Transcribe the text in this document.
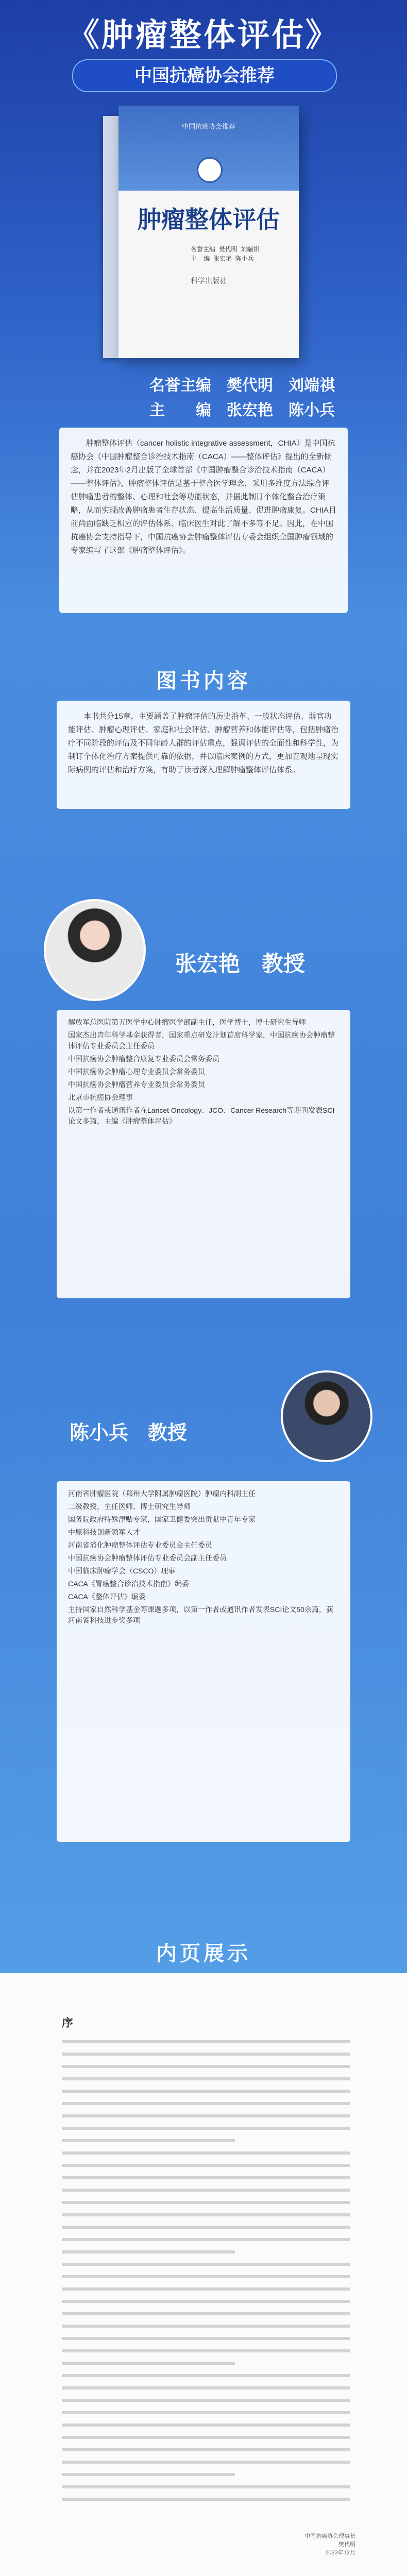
《肿瘤整体评估》
中国抗癌协会推荐
中国抗癌协会推荐
肿瘤整体评估
名誉主编  樊代明  刘端祺
主    编  张宏艳  陈小兵
科学出版社
名誉主编　樊代明　刘端祺
主　　编　张宏艳　陈小兵
肿瘤整体评估（cancer holistic integrative assessment，CHIA）是中国抗癌协会《中国肿瘤整合诊治技术指南（CACA）——整体评估》提出的全新概念，并在2023年2月出版了全球首部《中国肿瘤整合诊治技术指南（CACA）——整体评估》，肿瘤整体评估是基于整合医学理念，采用多维度方法综合评估肿瘤患者的整体、心理和社会等功能状态，并据此制订个体化整合治疗策略，从而实现改善肿瘤患者生存状态、提高生活质量、促进肿瘤康复。CHIA目前尚面临缺乏相应的评估体系、临床医生对此了解不多等不足。因此，在中国抗癌协会支持指导下，中国抗癌协会肿瘤整体评估专委会组织全国肿瘤领域的专家编写了这部《肿瘤整体评估》。
图书内容
本书共分15章，主要涵盖了肿瘤评估的历史沿革、一般状态评估、器官功能评估、肿瘤心理评估、家庭和社会评估、肿瘤营养和体能评估等，包括肿瘤治疗不同阶段的评估及不同年龄人群的评估重点，强调评估的全面性和科学性，为制订个体化治疗方案提供可靠的依据，并以临床案例的方式，更加直观地呈现实际病例的评估和治疗方案，有助于读者深入理解肿瘤整体评估体系。
张宏艳　教授
解放军总医院第五医学中心肿瘤医学部副主任，医学博士，博士研究生导师
国家杰出青年科学基金获得者，国家重点研发计划首席科学家，中国抗癌协会肿瘤整体评估专业委员会主任委员
中国抗癌协会肿瘤整合康复专业委员会常务委员
中国抗癌协会肿瘤心理专业委员会常务委员
中国抗癌协会肿瘤营养专业委员会常务委员
北京市抗癌协会理事
以第一作者或通讯作者在Lancet Oncology、JCO、Cancer Research等期刊发表SCI论文多篇，主编《肿瘤整体评估》
陈小兵　教授
河南省肿瘤医院（郑州大学附属肿瘤医院）肿瘤内科副主任
二级教授，主任医师，博士研究生导师
国务院政府特殊津贴专家，国家卫健委突出贡献中青年专家
中原科技创新领军人才
河南省消化肿瘤整体评估专业委员会主任委员
中国抗癌协会肿瘤整体评估专业委员会副主任委员
中国临床肿瘤学会（CSCO）理事
CACA《胃癌整合诊治技术指南》编委
CACA《整体评估》编委
主持国家自然科学基金等课题多项，以第一作者或通讯作者发表SCI论文50余篇，获河南省科技进步奖多项
内页展示
序
中国抗癌协会理事长
樊代明
2023年12月
